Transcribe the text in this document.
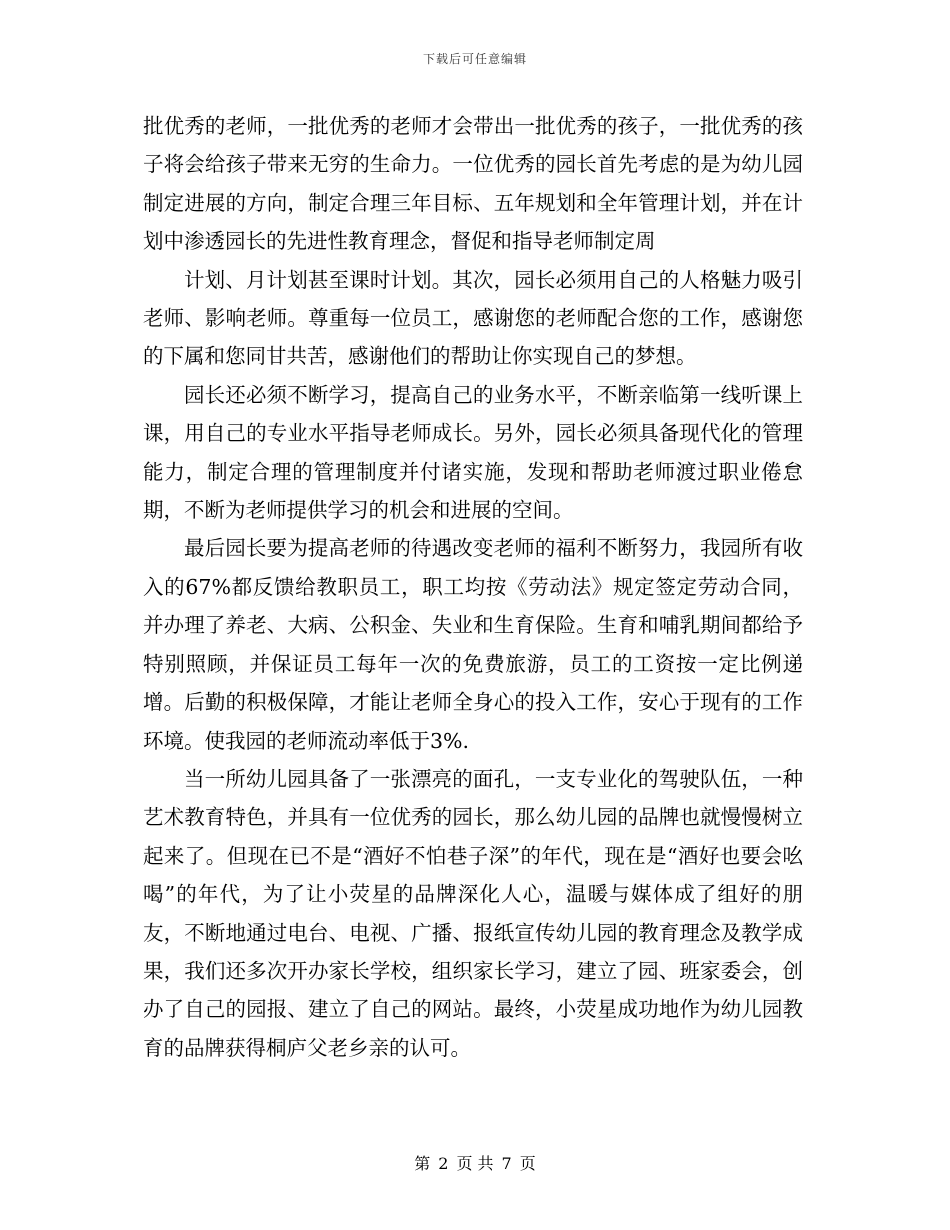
下载后可任意编辑

批优秀的老师，一批优秀的老师才会带出一批优秀的孩子，一批优秀的孩子将会给孩子带来无穷的生命力。一位优秀的园长首先考虑的是为幼儿园制定进展的方向，制定合理三年目标、五年规划和全年管理计划，并在计划中渗透园长的先进性教育理念，督促和指导老师制定周

计划、月计划甚至课时计划。其次，园长必须用自己的人格魅力吸引老师、影响老师。尊重每一位员工，感谢您的老师配合您的工作，感谢您的下属和您同甘共苦，感谢他们的帮助让你实现自己的梦想。

园长还必须不断学习，提高自己的业务水平，不断亲临第一线听课上课，用自己的专业水平指导老师成长。另外，园长必须具备现代化的管理能力，制定合理的管理制度并付诸实施，发现和帮助老师渡过职业倦怠期，不断为老师提供学习的机会和进展的空间。

最后园长要为提高老师的待遇改变老师的福利不断努力，我园所有收入的67%都反馈给教职员工，职工均按《劳动法》规定签定劳动合同，并办理了养老、大病、公积金、失业和生育保险。生育和哺乳期间都给予特别照顾，并保证员工每年一次的免费旅游，员工的工资按一定比例递增。后勤的积极保障，才能让老师全身心的投入工作，安心于现有的工作环境。使我园的老师流动率低于3%.

当一所幼儿园具备了一张漂亮的面孔，一支专业化的驾驶队伍，一种艺术教育特色，并具有一位优秀的园长，那么幼儿园的品牌也就慢慢树立起来了。但现在已不是“酒好不怕巷子深”的年代，现在是“酒好也要会吆喝”的年代，为了让小荧星的品牌深化人心，温暖与媒体成了组好的朋友，不断地通过电台、电视、广播、报纸宣传幼儿园的教育理念及教学成果，我们还多次开办家长学校，组织家长学习，建立了园、班家委会，创办了自己的园报、建立了自己的网站。最终，小荧星成功地作为幼儿园教育的品牌获得桐庐父老乡亲的认可。

第 2 页 共 7 页
